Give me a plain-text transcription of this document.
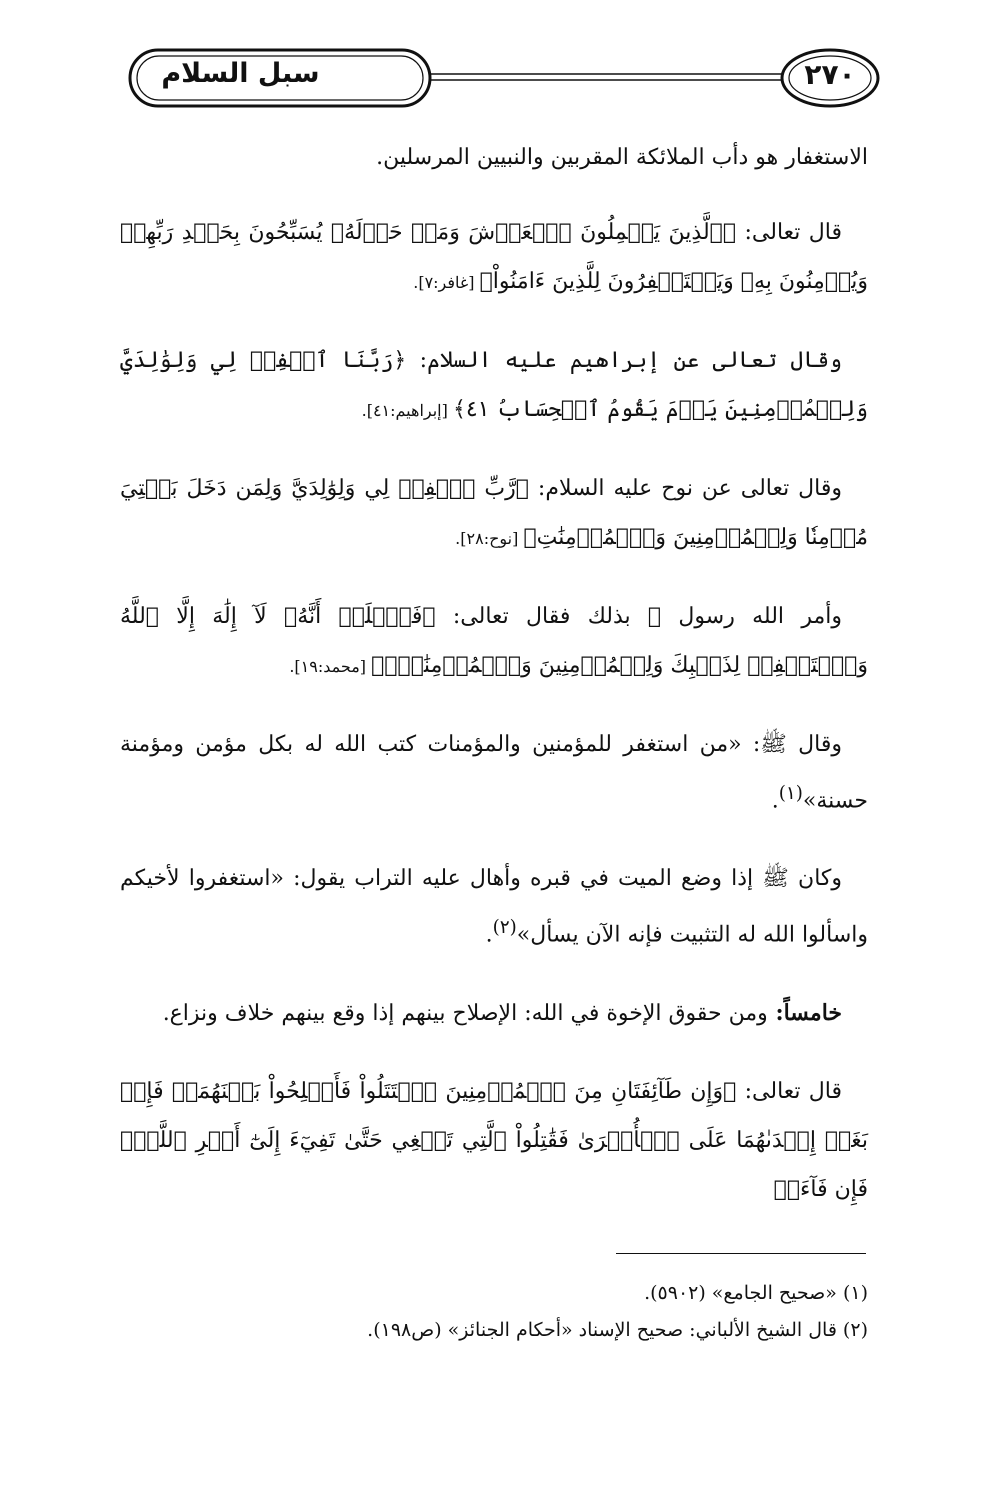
سبل السلام	٢٧٠

الاستغفار هو دأب الملائكة المقربين والنبيين المرسلين.

قال تعالى: ﴿ٱلَّذِينَ يَحۡمِلُونَ ٱلۡعَرۡشَ وَمَنۡ حَوۡلَهُۥ يُسَبِّحُونَ بِحَمۡدِ رَبِّهِمۡ وَيُؤۡمِنُونَ بِهِۦ وَيَسۡتَغۡفِرُونَ لِلَّذِينَ ءَامَنُواْ﴾ [غافر:٧].

وقال تعالى عن إبراهيم عليه السلام: ﴿رَبَّنَا ٱغۡفِرۡ لِي وَلِوَٰلِدَيَّ وَلِلۡمُؤۡمِنِينَ يَوۡمَ يَقُومُ ٱلۡحِسَابُ ٤١﴾ [إبراهيم:٤١].

وقال تعالى عن نوح عليه السلام: ﴿رَّبِّ ٱغۡفِرۡ لِي وَلِوَٰلِدَيَّ وَلِمَن دَخَلَ بَيۡتِيَ مُؤۡمِنٗا وَلِلۡمُؤۡمِنِينَ وَٱلۡمُؤۡمِنَٰتِ﴾ [نوح:٢٨].

وأمر الله رسول ﷺ بذلك فقال تعالى: ﴿فَٱعۡلَمۡ أَنَّهُۥ لَآ إِلَٰهَ إِلَّا ٱللَّهُ وَٱسۡتَغۡفِرۡ لِذَنۢبِكَ وَلِلۡمُؤۡمِنِينَ وَٱلۡمُؤۡمِنَٰتِۗ﴾ [محمد:١٩].

وقال ﷺ: «من استغفر للمؤمنين والمؤمنات كتب الله له بكل مؤمن ومؤمنة حسنة»$^{(١)}$.

وكان ﷺ إذا وضع الميت في قبره وأهال عليه التراب يقول: «استغفروا لأخيكم واسألوا الله له التثبيت فإنه الآن يسأل»$^{(٢)}$.

خامساً: ومن حقوق الإخوة في الله: الإصلاح بينهم إذا وقع بينهم خلاف ونزاع.

قال تعالى: ﴿وَإِن طَآئِفَتَانِ مِنَ ٱلۡمُؤۡمِنِينَ ٱقۡتَتَلُواْ فَأَصۡلِحُواْ بَيۡنَهُمَاۖ فَإِنۢ بَغَتۡ إِحۡدَىٰهُمَا عَلَى ٱلۡأُخۡرَىٰ فَقَٰتِلُواْ ٱلَّتِي تَبۡغِي حَتَّىٰ تَفِيٓءَ إِلَىٰٓ أَمۡرِ ٱللَّهِۚ فَإِن فَآءَتۡ

(١) «صحيح الجامع» (٥٩٠٢).

(٢) قال الشيخ الألباني: صحيح الإسناد «أحكام الجنائز» (ص١٩٨).
